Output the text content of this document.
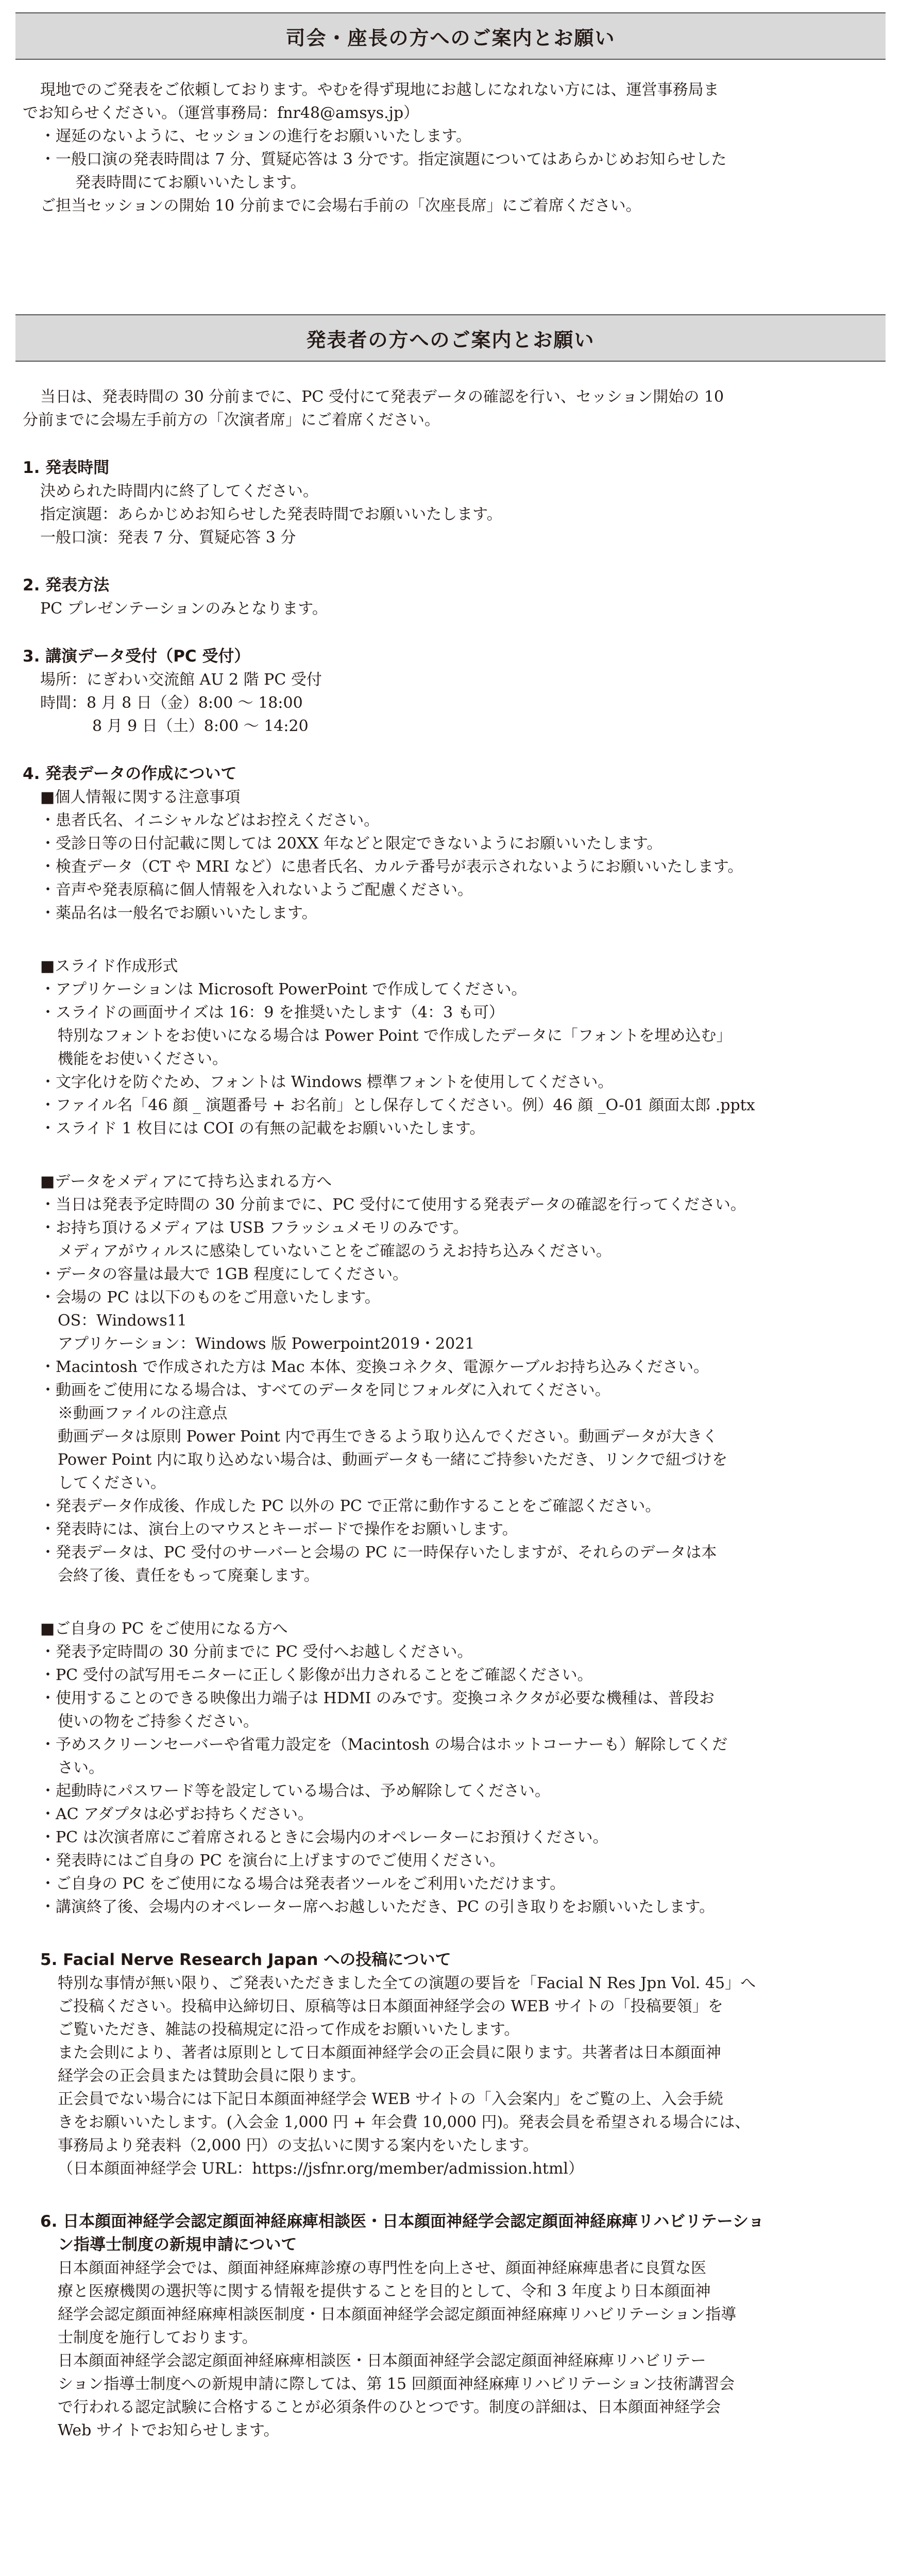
司会・座長の方へのご案内とお願い

現地でのご発表をご依頼しております。やむを得ず現地にお越しになれない方には、運営事務局ま

でお知らせください。（運営事務局：fnr48@amsys.jp）

・遅延のないように、セッションの進行をお願いいたします。

・一般口演の発表時間は 7 分、質疑応答は 3 分です。指定演題についてはあらかじめお知らせした

発表時間にてお願いいたします。

ご担当セッションの開始 10 分前までに会場右手前の「次座長席」にご着席ください。

発表者の方へのご案内とお願い

当日は、発表時間の 30 分前までに、PC 受付にて発表データの確認を行い、セッション開始の 10

分前までに会場左手前方の「次演者席」にご着席ください。

1. 発表時間

決められた時間内に終了してください。

指定演題：あらかじめお知らせした発表時間でお願いいたします。

一般口演：発表 7 分、質疑応答 3 分

2. 発表方法

PC プレゼンテーションのみとなります。

3. 講演データ受付（PC 受付）

場所：にぎわい交流館 AU 2 階 PC 受付

時間：8 月 8 日（金）8:00 ～ 18:00

8 月 9 日（土）8:00 ～ 14:20

4. 発表データの作成について

■個人情報に関する注意事項

・患者氏名、イニシャルなどはお控えください。

・受診日等の日付記載に関しては 20XX 年などと限定できないようにお願いいたします。

・検査データ（CT や MRI など）に患者氏名、カルテ番号が表示されないようにお願いいたします。

・音声や発表原稿に個人情報を入れないようご配慮ください。

・薬品名は一般名でお願いいたします。

■スライド作成形式

・アプリケーションは Microsoft PowerPoint で作成してください。

・スライドの画面サイズは 16：9 を推奨いたします（4：3 も可）

特別なフォントをお使いになる場合は Power Point で作成したデータに「フォントを埋め込む」

機能をお使いください。

・文字化けを防ぐため、フォントは Windows 標準フォントを使用してください。

・ファイル名「46 顔 _ 演題番号 + お名前」とし保存してください。例）46 顔 _O-01 顔面太郎 .pptx

・スライド 1 枚目には COI の有無の記載をお願いいたします。

■データをメディアにて持ち込まれる方へ

・当日は発表予定時間の 30 分前までに、PC 受付にて使用する発表データの確認を行ってください。

・お持ち頂けるメディアは USB フラッシュメモリのみです。

メディアがウィルスに感染していないことをご確認のうえお持ち込みください。

・データの容量は最大で 1GB 程度にしてください。

・会場の PC は以下のものをご用意いたします。

OS：Windows11

アプリケーション：Windows 版 Powerpoint2019・2021

・Macintosh で作成された方は Mac 本体、変換コネクタ、電源ケーブルお持ち込みください。

・動画をご使用になる場合は、すべてのデータを同じフォルダに入れてください。

※動画ファイルの注意点

動画データは原則 Power Point 内で再生できるよう取り込んでください。動画データが大きく

Power Point 内に取り込めない場合は、動画データも一緒にご持参いただき、リンクで紐づけを

してください。

・発表データ作成後、作成した PC 以外の PC で正常に動作することをご確認ください。

・発表時には、演台上のマウスとキーボードで操作をお願いします。

・発表データは、PC 受付のサーバーと会場の PC に一時保存いたしますが、それらのデータは本

会終了後、責任をもって廃棄します。

■ご自身の PC をご使用になる方へ

・発表予定時間の 30 分前までに PC 受付へお越しください。

・PC 受付の試写用モニターに正しく影像が出力されることをご確認ください。

・使用することのできる映像出力端子は HDMI のみです。変換コネクタが必要な機種は、普段お

使いの物をご持参ください。

・予めスクリーンセーバーや省電力設定を（Macintosh の場合はホットコーナーも）解除してくだ

さい。

・起動時にパスワード等を設定している場合は、予め解除してください。

・AC アダプタは必ずお持ちください。

・PC は次演者席にご着席されるときに会場内のオペレーターにお預けください。

・発表時にはご自身の PC を演台に上げますのでご使用ください。

・ご自身の PC をご使用になる場合は発表者ツールをご利用いただけます。

・講演終了後、会場内のオペレーター席へお越しいただき、PC の引き取りをお願いいたします。

5. Facial Nerve Research Japan への投稿について

特別な事情が無い限り、ご発表いただきました全ての演題の要旨を「Facial N Res Jpn Vol. 45」へ

ご投稿ください。投稿申込締切日、原稿等は日本顔面神経学会の WEB サイトの「投稿要領」を

ご覧いただき、雑誌の投稿規定に沿って作成をお願いいたします。

また会則により、著者は原則として日本顔面神経学会の正会員に限ります。共著者は日本顔面神

経学会の正会員または賛助会員に限ります。

正会員でない場合には下記日本顔面神経学会 WEB サイトの「入会案内」をご覧の上、入会手続

きをお願いいたします。(入会金 1,000 円 + 年会費 10,000 円)。発表会員を希望される場合には、

事務局より発表料（2,000 円）の支払いに関する案内をいたします。

（日本顔面神経学会 URL：https://jsfnr.org/member/admission.html）

6. 日本顔面神経学会認定顔面神経麻痺相談医・日本顔面神経学会認定顔面神経麻痺リハビリテーショ

ン指導士制度の新規申請について

日本顔面神経学会では、顔面神経麻痺診療の専門性を向上させ、顔面神経麻痺患者に良質な医

療と医療機関の選択等に関する情報を提供することを目的として、令和 3 年度より日本顔面神

経学会認定顔面神経麻痺相談医制度・日本顔面神経学会認定顔面神経麻痺リハビリテーション指導

士制度を施行しております。

日本顔面神経学会認定顔面神経麻痺相談医・日本顔面神経学会認定顔面神経麻痺リハビリテー

ション指導士制度への新規申請に際しては、第 15 回顔面神経麻痺リハビリテーション技術講習会

で行われる認定試験に合格することが必須条件のひとつです。制度の詳細は、日本顔面神経学会

Web サイトでお知らせします。
